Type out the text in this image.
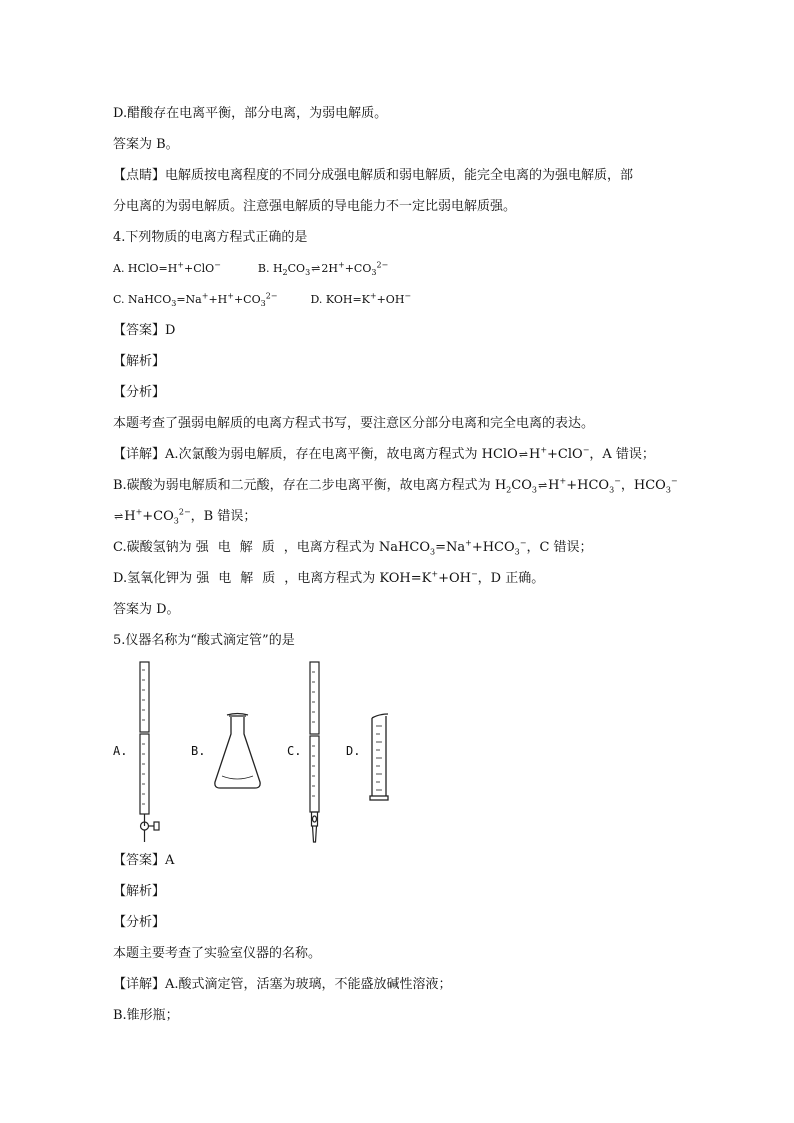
D.醋酸存在电离平衡，部分电离，为弱电解质。
答案为 B。
【点睛】电解质按电离程度的不同分成强电解质和弱电解质，能完全电离的为强电解质，部
分电离的为弱电解质。注意强电解质的导电能力不一定比弱电解质强。
4.下列物质的电离方程式正确的是
A. HClO=H++ClO−	B. $H_2CO_3\rightleftharpoons 2H^++CO_3^{2-}$
C. $NaHCO_3=Na^++H^++CO_3^{2-}$	D. KOH=K++OH−
【答案】D
【解析】
【分析】
本题考查了强弱电解质的电离方程式书写，要注意区分部分电离和完全电离的表达。
【详解】A.次氯酸为弱电解质，存在电离平衡，故电离方程式为 HClO⇌H++ClO−，A 错误；
B.碳酸为弱电解质和二元酸，存在二步电离平衡，故电离方程式为 $H_2CO_3\rightleftharpoons H^++HCO_3^-$，$HCO_3^-$
$\rightleftharpoons H^++CO_3^{2-}$，B 错误；
C.碳酸氢钠为 强电解质，电离方程式为 $NaHCO_3=Na^++HCO_3^-$，C 错误；
D.氢氧化钾为 强电解质，电离方程式为 KOH=K++OH−，D 正确。
答案为 D。
5.仪器名称为“酸式滴定管”的是
A.	B.	C.	D.
【答案】A
【解析】
【分析】
本题主要考查了实验室仪器的名称。
【详解】A.酸式滴定管，活塞为玻璃，不能盛放碱性溶液；
B.锥形瓶；
